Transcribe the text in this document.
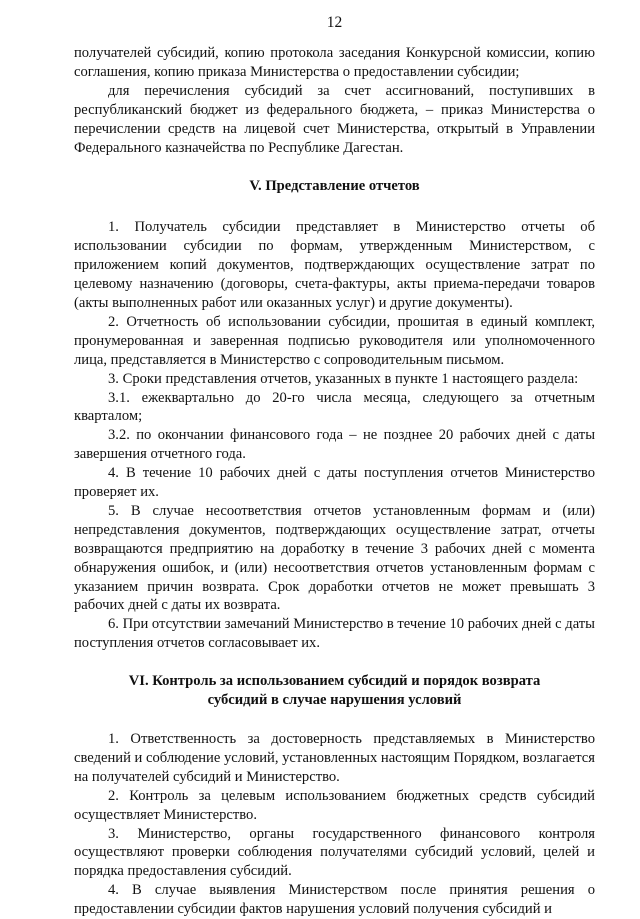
12

получателей субсидий, копию протокола заседания Конкурсной комиссии, копию соглашения, копию приказа Министерства о предоставлении субсидии;

для перечисления субсидий за счет ассигнований, поступивших в республиканский бюджет из федерального бюджета, – приказ Министерства о перечислении средств на лицевой счет Министерства, открытый в Управлении Федерального казначейства по Республике Дагестан.

V. Представление отчетов

1. Получатель субсидии представляет в Министерство отчеты об использовании субсидии по формам, утвержденным Министерством, с приложением копий документов, подтверждающих осуществление затрат по целевому назначению (договоры, счета-фактуры, акты приема-передачи товаров (акты выполненных работ или оказанных услуг) и другие документы).

2. Отчетность об использовании субсидии, прошитая в единый комплект, пронумерованная и заверенная подписью руководителя или уполномоченного лица, представляется в Министерство с сопроводительным письмом.

3. Сроки представления отчетов, указанных в пункте 1 настоящего раздела:

3.1. ежеквартально до 20-го числа месяца, следующего за отчетным кварталом;

3.2. по окончании финансового года – не позднее 20 рабочих дней с даты завершения отчетного года.

4. В течение 10 рабочих дней с даты поступления отчетов Министерство проверяет их.

5. В случае несоответствия отчетов установленным формам и (или) непредставления документов, подтверждающих осуществление затрат, отчеты возвращаются предприятию на доработку в течение 3 рабочих дней с момента обнаружения ошибок, и (или) несоответствия отчетов установленным формам с указанием причин возврата. Срок доработки отчетов не может превышать 3 рабочих дней с даты их возврата.

6. При отсутствии замечаний Министерство в течение 10 рабочих дней с даты поступления отчетов согласовывает их.

VI. Контроль за использованием субсидий и порядок возврата
субсидий в случае нарушения условий

1. Ответственность за достоверность представляемых в Министерство сведений и соблюдение условий, установленных настоящим Порядком, возлагается на получателей субсидий и Министерство.

2. Контроль за целевым использованием бюджетных средств субсидий осуществляет Министерство.

3. Министерство, органы государственного финансового контроля осуществляют проверки соблюдения получателями субсидий условий, целей и порядка предоставления субсидий.

4. В случае выявления Министерством после принятия решения о предоставлении субсидии фактов нарушения условий получения субсидий и
